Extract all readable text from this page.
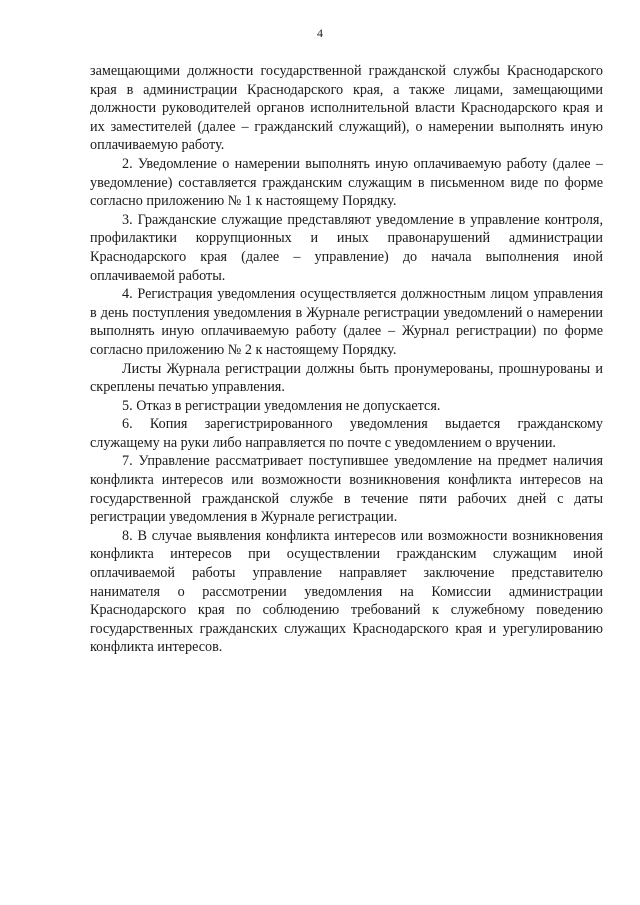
4

замещающими должности государственной гражданской службы Краснодарского края в администрации Краснодарского края, а также лицами, замещающими должности руководителей органов исполнительной власти Краснодарского края и их заместителей (далее – гражданский служащий), о намерении выполнять иную оплачиваемую работу.

2. Уведомление о намерении выполнять иную оплачиваемую работу (далее – уведомление) составляется гражданским служащим в письменном виде по форме согласно приложению № 1 к настоящему Порядку.

3. Гражданские служащие представляют уведомление в управление контроля, профилактики коррупционных и иных правонарушений администрации Краснодарского края (далее – управление) до начала выполнения иной оплачиваемой работы.

4. Регистрация уведомления осуществляется должностным лицом управления в день поступления уведомления в Журнале регистрации уведомлений о намерении выполнять иную оплачиваемую работу (далее – Журнал регистрации) по форме согласно приложению № 2 к настоящему Порядку.

Листы Журнала регистрации должны быть пронумерованы, прошнурованы и скреплены печатью управления.

5. Отказ в регистрации уведомления не допускается.

6. Копия зарегистрированного уведомления выдается гражданскому служащему на руки либо направляется по почте с уведомлением о вручении.

7. Управление рассматривает поступившее уведомление на предмет наличия конфликта интересов или возможности возникновения конфликта интересов на государственной гражданской службе в течение пяти рабочих дней с даты регистрации уведомления в Журнале регистрации.

8. В случае выявления конфликта интересов или возможности возникновения конфликта интересов при осуществлении гражданским служащим иной оплачиваемой работы управление направляет заключение представителю нанимателя о рассмотрении уведомления на Комиссии администрации Краснодарского края по соблюдению требований к служебному поведению государственных гражданских служащих Краснодарского края и урегулированию конфликта интересов.
